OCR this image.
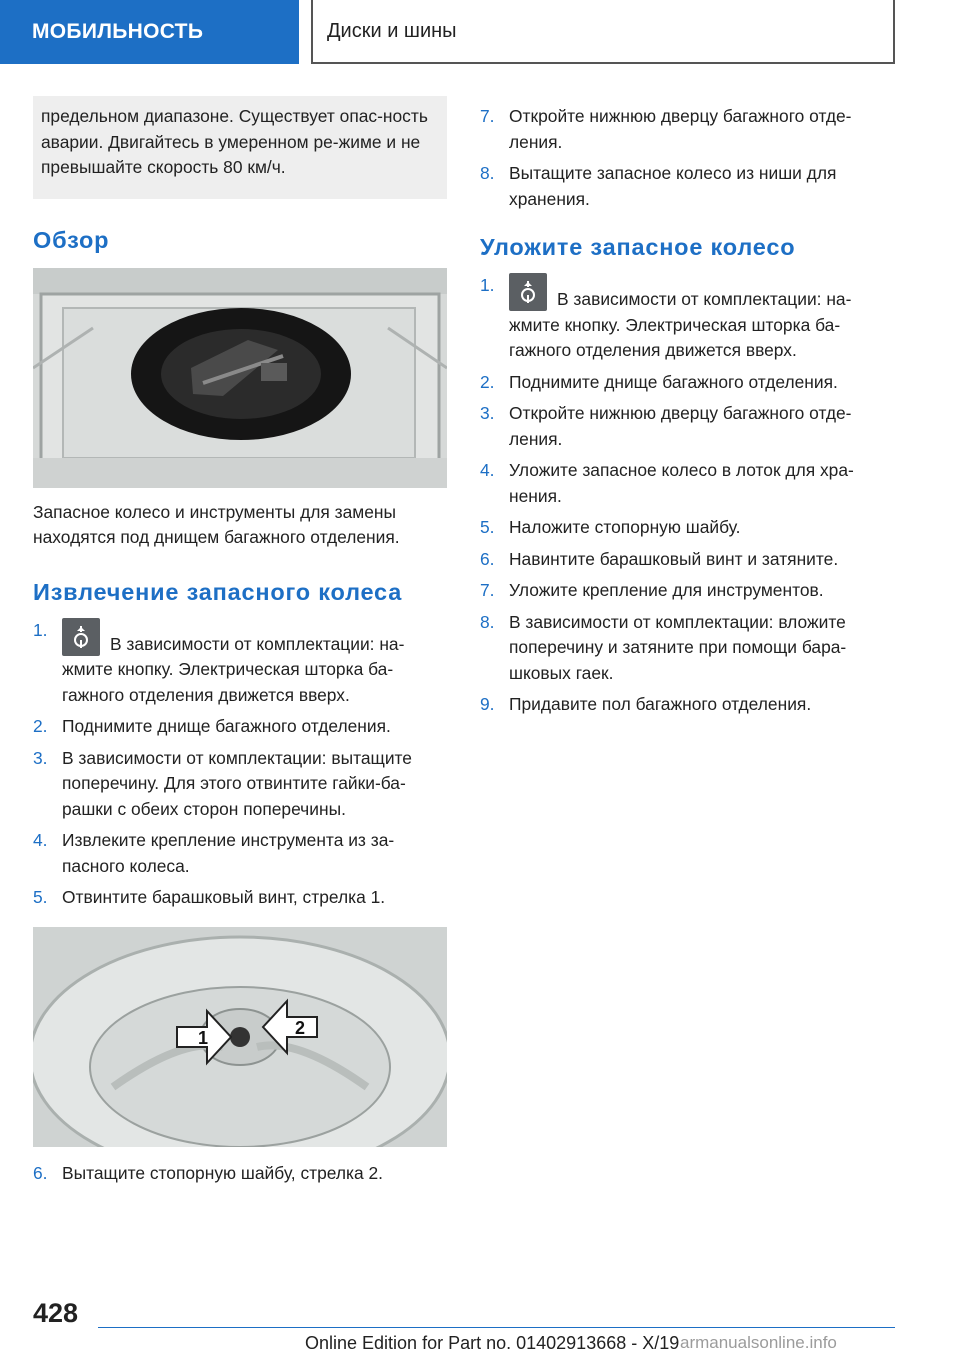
МОБИЛЬНОСТЬ	Диски и шины
предельном диапазоне. Существует опас-ность аварии. Двигайтесь в умеренном ре-жиме и не превышайте скорость 80 км/ч.
Обзор
Запасное колесо и инструменты для замены находятся под днищем багажного отделения.
Извлечение запасного колеса
1.
В зависимости от комплектации: на-жмите кнопку. Электрическая шторка ба-гажного отделения движется вверх.
2. Поднимите днище багажного отделения.
3. В зависимости от комплектации: вытащите поперечину. Для этого отвинтите гайки-ба-рашки с обеих сторон поперечины.
4. Извлеките крепление инструмента из за-пасного колеса.
5. Отвинтите барашковый винт, стрелка 1.
1	2
6. Вытащите стопорную шайбу, стрелка 2.
7. Откройте нижнюю дверцу багажного отде-ления.
8. Вытащите запасное колесо из ниши для хранения.
Уложите запасное колесо
1.
В зависимости от комплектации: на-жмите кнопку. Электрическая шторка ба-гажного отделения движется вверх.
2. Поднимите днище багажного отделения.
3. Откройте нижнюю дверцу багажного отде-ления.
4. Уложите запасное колесо в лоток для хра-нения.
5. Наложите стопорную шайбу.
6. Навинтите барашковый винт и затяните.
7. Уложите крепление для инструментов.
8. В зависимости от комплектации: вложите поперечину и затяните при помощи бара-шковых гаек.
9. Придавите пол багажного отделения.
428
Online Edition for Part no. 01402913668 - X/19 armanualsonline.info
